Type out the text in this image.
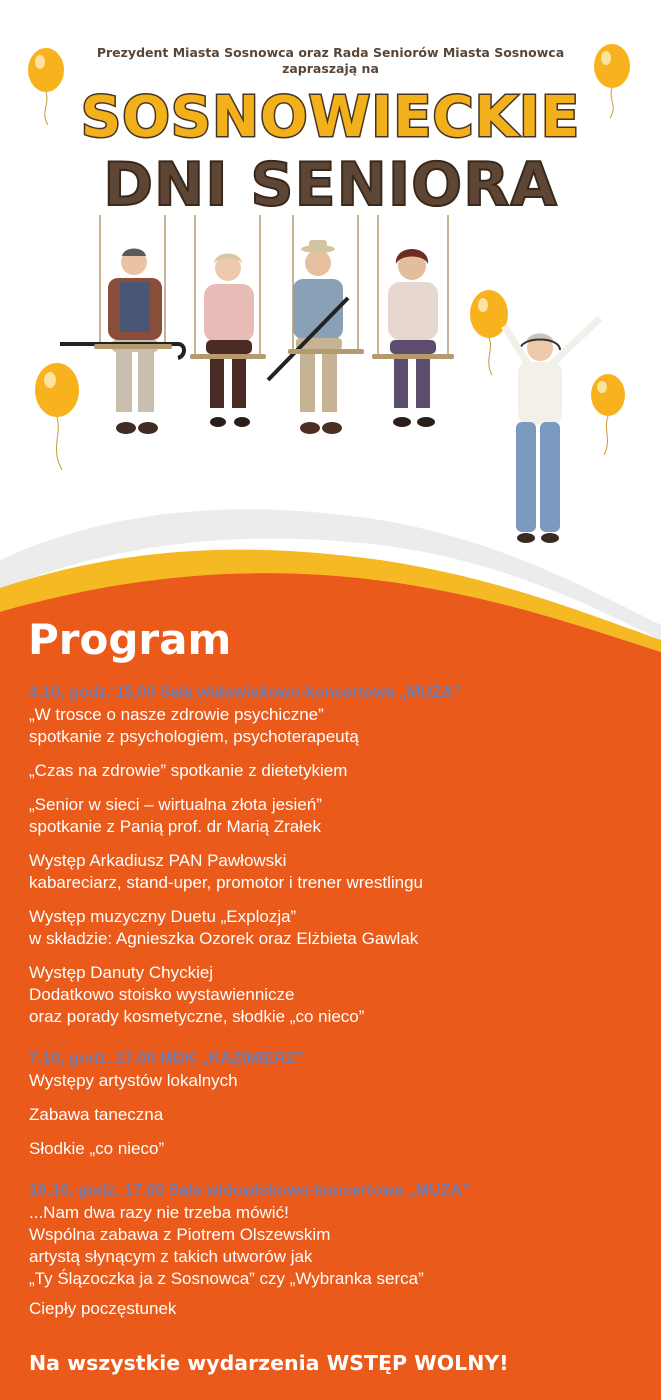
Prezydent Miasta Sosnowca oraz Rada Seniorów Miasta Sosnowca
zapraszają na
SOSNOWIECKIE
DNI SENIORA
Program
4.10, godz. 15.00 Sala widowiskowo-koncertowa „MUZA”
„W trosce o nasze zdrowie psychiczne”
spotkanie z psychologiem, psychoterapeutą
„Czas na zdrowie” spotkanie z dietetykiem
„Senior w sieci – wirtualna złota jesień”
spotkanie z Panią prof. dr Marią Zrałek
Występ Arkadiusz PAN Pawłowski
kabareciarz, stand-uper, promotor i trener wrestlingu
Występ muzyczny Duetu „Explozja”
w składzie: Agnieszka Ozorek oraz Elżbieta Gawlak
Występ Danuty Chyckiej
Dodatkowo stoisko wystawiennicze
oraz porady kosmetyczne, słodkie „co nieco”
7.10, godz. 17.00 MDK „KAZIMIERZ”
Występy artystów lokalnych
Zabawa taneczna
Słodkie „co nieco”
10.10, godz. 17.00 Sala widowiskowo-koncertowa „MUZA”
...Nam dwa razy nie trzeba mówić!
Wspólna zabawa z Piotrem Olszewskim
artystą słynącym z takich utworów jak
„Ty Ślązoczka ja z Sosnowca” czy „Wybranka serca”
Ciepły poczęstunek
Na wszystkie wydarzenia WSTĘP WOLNY!
